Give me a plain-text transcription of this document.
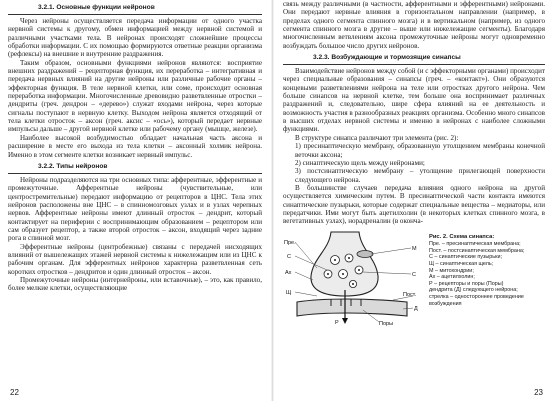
3.2.1. Основные функции нейронов

Через нейроны осуществляется передача информации от одного участка нервной системы к другому, обмен информацией между нервной системой и различными участками тела. В нейронах происходят сложнейшие процессы обработки информации. С их помощью формируются ответные реакции организма (рефлексы) на внешние и внутренние раздражения.

Таким образом, основными функциями нейронов являются: восприятие внешних раздражений – рецепторная функция, их переработка – интегративная и передача нервных влияний на другие нейроны или различные рабочие органы – эффекторная функция. В теле нервной клетки, или соме, происходит основная переработка информации. Многочисленные древовидно разветвленные отростки – дендриты (греч. дендрон – «дерево») служат входами нейрона, через которые сигналы поступают в нервную клетку. Выходом нейрона является отходящий от тела клетки отросток – аксон (греч. аксис – «ось»), который передает нервные импульсы дальше – другой нервной клетке или рабочему органу (мышце, железе).

Наиболее высокой возбудимостью обладает начальная часть аксона и расширение в месте его выхода из тела клетки – аксонный холмик нейрона. Именно в этом сегменте клетки возникает нервный импульс.

3.2.2. Типы нейронов

Нейроны подразделяются на три основных типа: афферентные, эфферентные и промежуточные. Афферентные нейроны (чувствительные, или центростремительные) передают информацию от рецепторов в ЦНС. Тела этих нейронов расположены вне ЦНС – в спинномозговых узлах и в узлах черепных нервов. Афферентные нейроны имеют длинный отросток – дендрит, который контактирует на периферии с воспринимающим образованием – рецептором или сам образует рецептор, а также второй отросток – аксон, входящий через задние рога в спинной мозг.

Эфферентные нейроны (центробежные) связаны с передачей нисходящих влияний от вышележащих этажей нервной системы к нижележащим или из ЦНС к рабочим органам. Для эфферентных нейронов характерна разветвленная сеть коротких отростков – дендритов и один длинный отросток – аксон.

Промежуточные нейроны (интернейроны, или вставочные), – это, как правило, более мелкие клетки, осуществляющие

22

связь между различными (в частности, афферентными и эфферентными) нейронами. Они передают нервные влияния в горизонтальном направлении (например, в пределах одного сегмента спинного мозга) и в вертикальном (например, из одного сегмента спинного мозга в другие – выше или нижележащие сегменты). Благодаря многочисленным ветвлениям аксона промежуточные нейроны могут одновременно возбуждать большое число других нейронов.

3.2.3. Возбуждающие и тормозящие синапсы

Взаимодействие нейронов между собой (и с эффекторными органами) происходит через специальные образования – синапсы (греч. – «контакт»). Они образуются концевыми разветвлениями нейрона на теле или отростках другого нейрона. Чем больше синапсов на нервной клетке, тем больше она воспринимает различных раздражений и, следовательно, шире сфера влияний на ее деятельность и возможность участия в разнообразных реакциях организма. Особенно много синапсов в высших отделах нервной системы и именно в нейронах с наиболее сложными функциями.

В структуре синапса различают три элемента (рис. 2):

1) пресинаптическую мембрану, образованную утолщением мембраны конечной веточки аксона;

2) синаптическую щель между нейронами;

3) постсинаптическую мембрану – утолщение прилегающей поверхности следующего нейрона.

В большинстве случаев передача влияния одного нейрона на другой осуществляется химическим путем. В пресинаптической части контакта имеются синаптические пузырьки, которые содержат специальные вещества – медиаторы, или передатчики. Ими могут быть ацетилхолин (в некоторых клетках спинного мозга, в вегетативных узлах), норадреналин (в оконча-

Пре.
С
Ах
Щ
М
С
Пост.
Д
Р	Поры
Рис. 2. Схема синапса:
Пре. – пресинаптическая мембрана;
Пост. – постсинаптическая мембрана;
С – синаптические пузырьки;
Щ – синаптическая щель;
М – митохондрии;
Ах – ацетилхолин;
Р – рецепторы и поры (Поры)
дендрита (Д) следующего нейрона;
стрелка – одностороннее проведение
возбуждения
23
